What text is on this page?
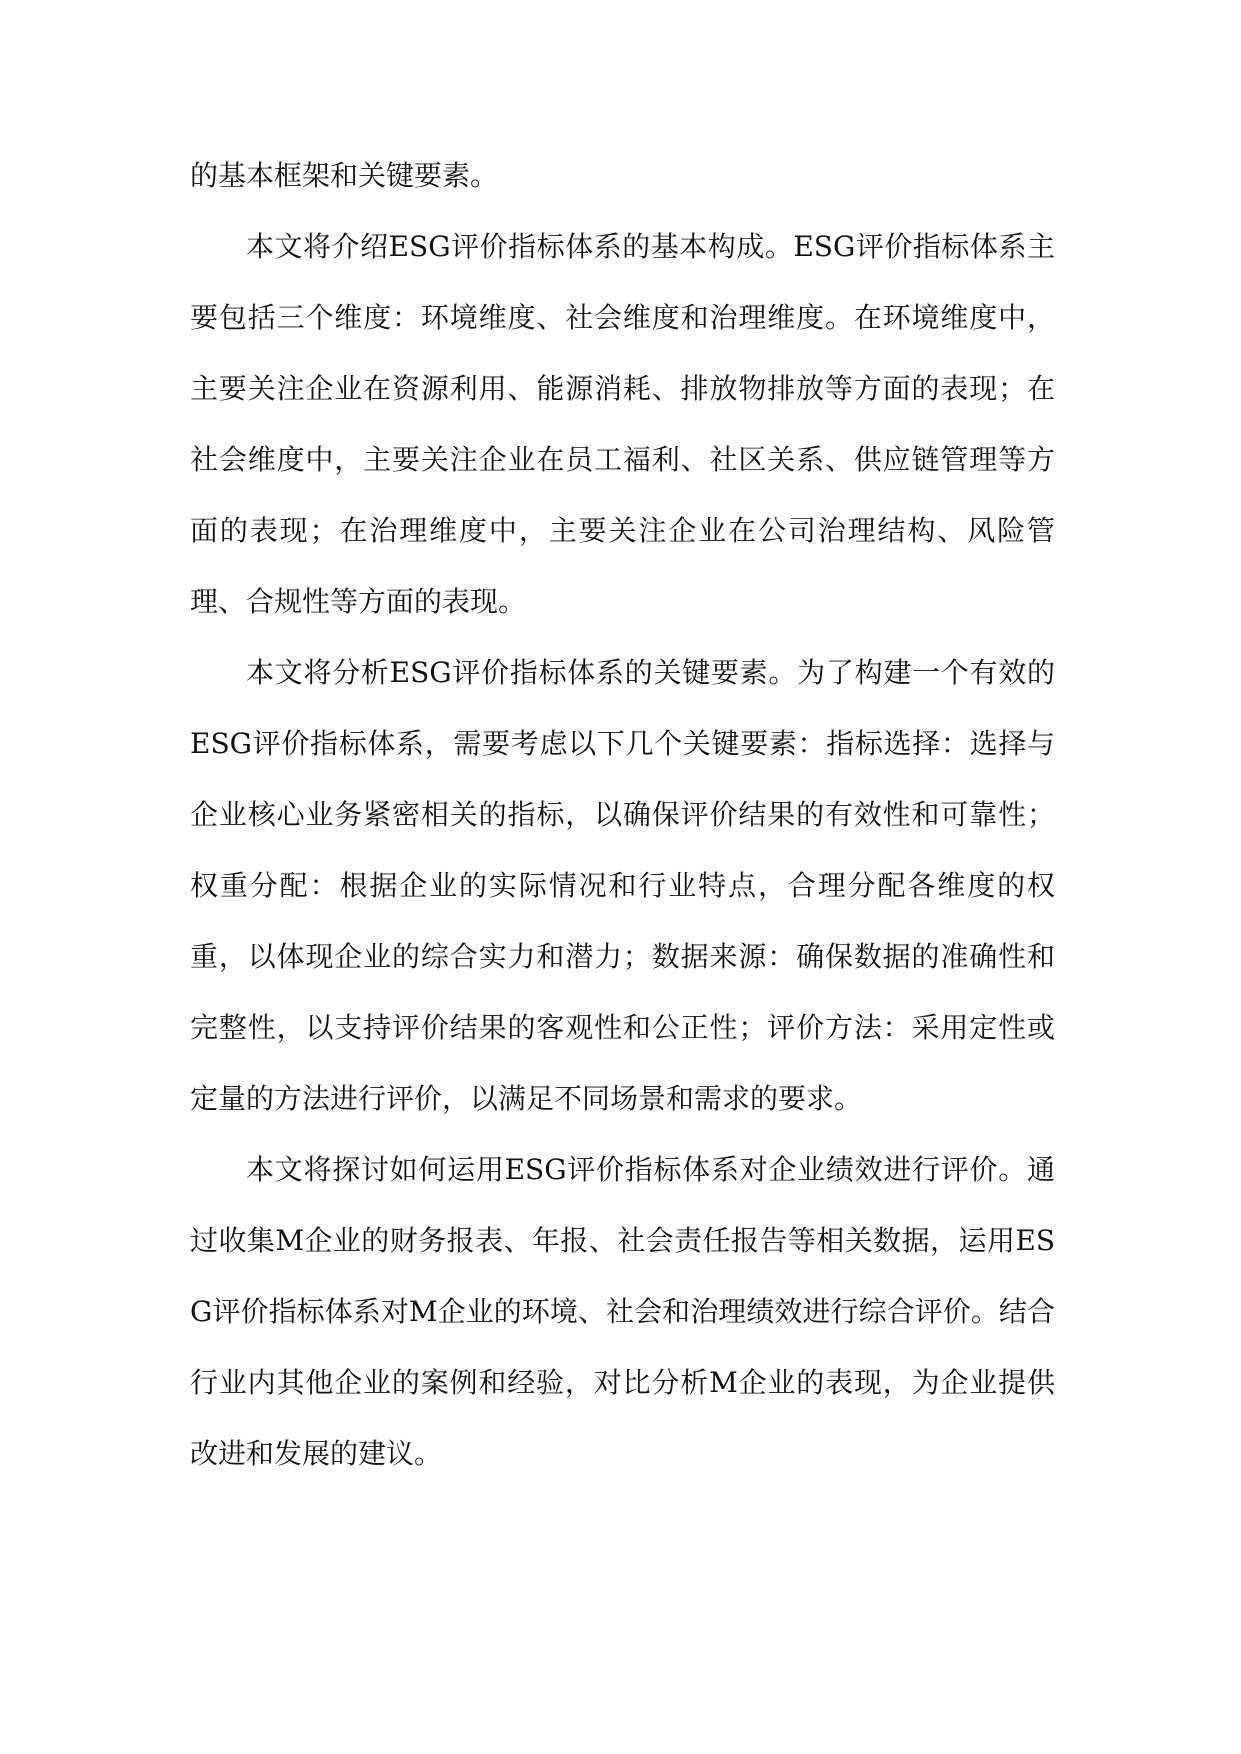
的基本框架和关键要素。

本文将介绍ESG评价指标体系的基本构成。ESG评价指标体系主要包括三个维度：环境维度、社会维度和治理维度。在环境维度中，主要关注企业在资源利用、能源消耗、排放物排放等方面的表现；在社会维度中，主要关注企业在员工福利、社区关系、供应链管理等方面的表现；在治理维度中，主要关注企业在公司治理结构、风险管理、合规性等方面的表现。

本文将分析ESG评价指标体系的关键要素。为了构建一个有效的ESG评价指标体系，需要考虑以下几个关键要素：指标选择：选择与企业核心业务紧密相关的指标，以确保评价结果的有效性和可靠性；权重分配：根据企业的实际情况和行业特点，合理分配各维度的权重，以体现企业的综合实力和潜力；数据来源：确保数据的准确性和完整性，以支持评价结果的客观性和公正性；评价方法：采用定性或定量的方法进行评价，以满足不同场景和需求的要求。

本文将探讨如何运用ESG评价指标体系对企业绩效进行评价。通过收集M企业的财务报表、年报、社会责任报告等相关数据，运用ESG评价指标体系对M企业的环境、社会和治理绩效进行综合评价。结合行业内其他企业的案例和经验，对比分析M企业的表现，为企业提供改进和发展的建议。
